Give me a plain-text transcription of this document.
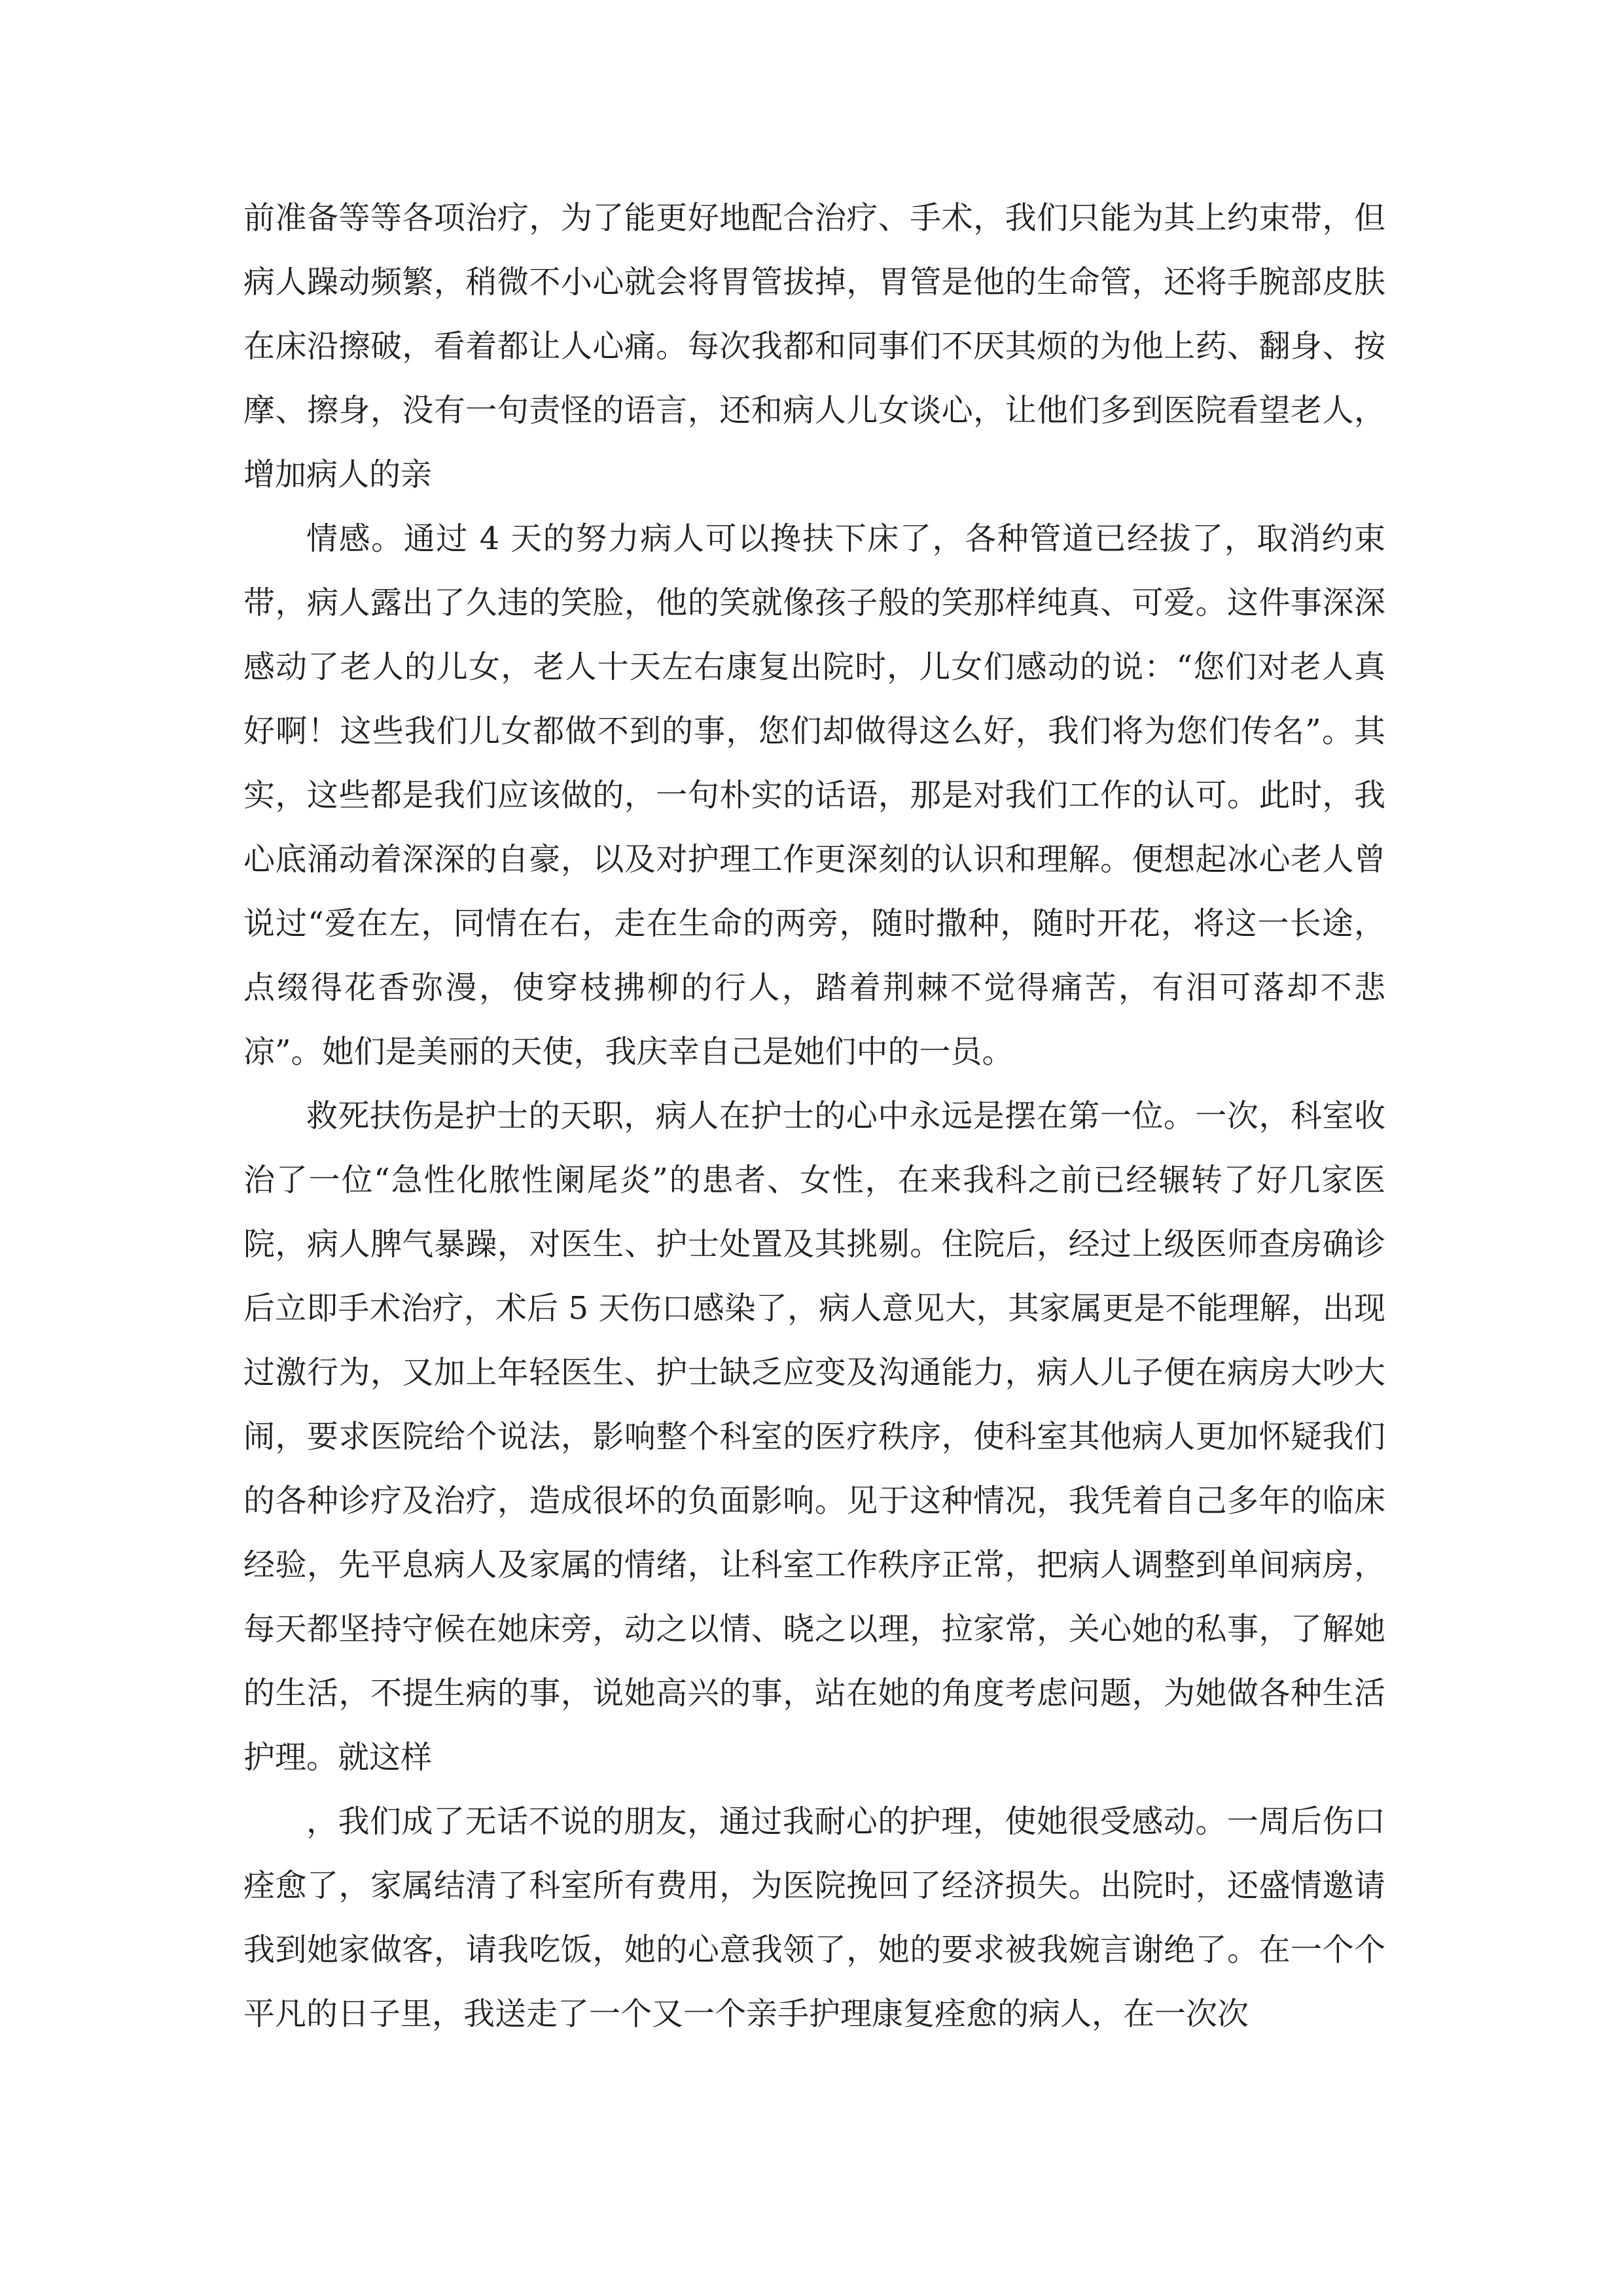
前准备等等各项治疗，为了能更好地配合治疗、手术，我们只能为其上约束带，但病人躁动频繁，稍微不小心就会将胃管拔掉，胃管是他的生命管，还将手腕部皮肤在床沿擦破，看着都让人心痛。每次我都和同事们不厌其烦的为他上药、翻身、按摩、擦身，没有一句责怪的语言，还和病人儿女谈心，让他们多到医院看望老人，增加病人的亲

情感。通过 4 天的努力病人可以搀扶下床了，各种管道已经拔了，取消约束带，病人露出了久违的笑脸，他的笑就像孩子般的笑那样纯真、可爱。这件事深深感动了老人的儿女，老人十天左右康复出院时，儿女们感动的说：“您们对老人真好啊！这些我们儿女都做不到的事，您们却做得这么好，我们将为您们传名”。其实，这些都是我们应该做的，一句朴实的话语，那是对我们工作的认可。此时，我心底涌动着深深的自豪，以及对护理工作更深刻的认识和理解。便想起冰心老人曾说过“爱在左，同情在右，走在生命的两旁，随时撒种，随时开花，将这一长途，点缀得花香弥漫，使穿枝拂柳的行人，踏着荆棘不觉得痛苦，有泪可落却不悲凉”。她们是美丽的天使，我庆幸自己是她们中的一员。

救死扶伤是护士的天职，病人在护士的心中永远是摆在第一位。一次，科室收治了一位“急性化脓性阑尾炎”的患者、女性，在来我科之前已经辗转了好几家医院，病人脾气暴躁，对医生、护士处置及其挑剔。住院后，经过上级医师查房确诊后立即手术治疗，术后 5 天伤口感染了，病人意见大，其家属更是不能理解，出现过激行为，又加上年轻医生、护士缺乏应变及沟通能力，病人儿子便在病房大吵大闹，要求医院给个说法，影响整个科室的医疗秩序，使科室其他病人更加怀疑我们的各种诊疗及治疗，造成很坏的负面影响。见于这种情况，我凭着自己多年的临床经验，先平息病人及家属的情绪，让科室工作秩序正常，把病人调整到单间病房，每天都坚持守候在她床旁，动之以情、晓之以理，拉家常，关心她的私事，了解她的生活，不提生病的事，说她高兴的事，站在她的角度考虑问题，为她做各种生活护理。就这样

，我们成了无话不说的朋友，通过我耐心的护理，使她很受感动。一周后伤口痊愈了，家属结清了科室所有费用，为医院挽回了经济损失。出院时，还盛情邀请我到她家做客，请我吃饭，她的心意我领了，她的要求被我婉言谢绝了。在一个个平凡的日子里，我送走了一个又一个亲手护理康复痊愈的病人，在一次次
